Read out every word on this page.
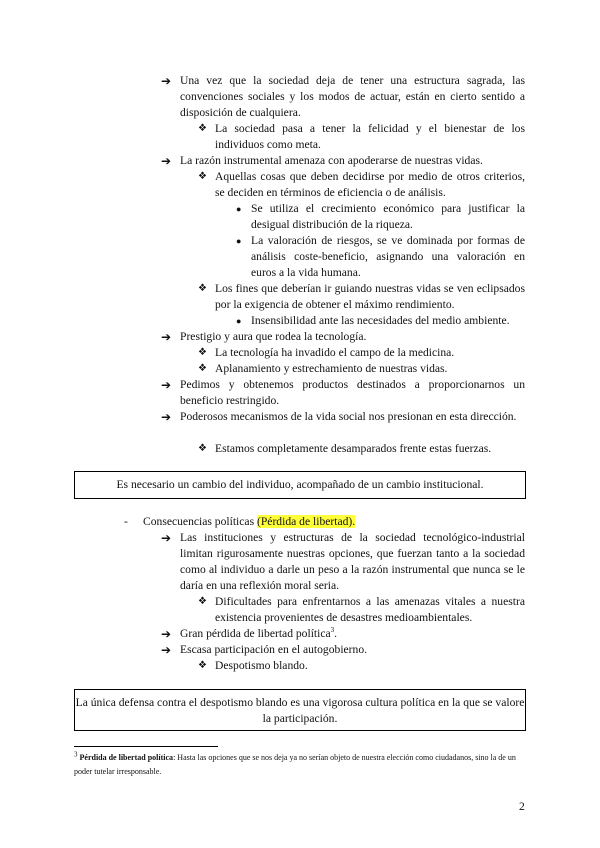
➔ Una vez que la sociedad deja de tener una estructura sagrada, las convenciones sociales y los modos de actuar, están en cierto sentido a disposición de cualquiera.
❖ La sociedad pasa a tener la felicidad y el bienestar de los individuos como meta.
➔ La razón instrumental amenaza con apoderarse de nuestras vidas.
❖ Aquellas cosas que deben decidirse por medio de otros criterios, se deciden en términos de eficiencia o de análisis.
● Se utiliza el crecimiento económico para justificar la desigual distribución de la riqueza.
● La valoración de riesgos, se ve dominada por formas de análisis coste-beneficio, asignando una valoración en euros a la vida humana.
❖ Los fines que deberían ir guiando nuestras vidas se ven eclipsados por la exigencia de obtener el máximo rendimiento.
● Insensibilidad ante las necesidades del medio ambiente.
➔ Prestigio y aura que rodea la tecnología.
❖ La tecnología ha invadido el campo de la medicina.
❖ Aplanamiento y estrechamiento de nuestras vidas.
➔ Pedimos y obtenemos productos destinados a proporcionarnos un beneficio restringido.
➔ Poderosos mecanismos de la vida social nos presionan en esta dirección.
❖ Estamos completamente desamparados frente estas fuerzas.
Es necesario un cambio del individuo, acompañado de un cambio institucional.
- Consecuencias políticas (Pérdida de libertad).
➔ Las instituciones y estructuras de la sociedad tecnológico-industrial limitan rigurosamente nuestras opciones, que fuerzan tanto a la sociedad como al individuo a darle un peso a la razón instrumental que nunca se le daría en una reflexión moral seria.
❖ Dificultades para enfrentarnos a las amenazas vitales a nuestra existencia provenientes de desastres medioambientales.
➔ Gran pérdida de libertad política$^3$.
➔ Escasa participación en el autogobierno.
❖ Despotismo blando.
La única defensa contra el despotismo blando es una vigorosa cultura política en la que se valore la participación.
3 Pérdida de libertad política: Hasta las opciones que se nos deja ya no serían objeto de nuestra elección como ciudadanos, sino la de un poder tutelar irresponsable.
2
